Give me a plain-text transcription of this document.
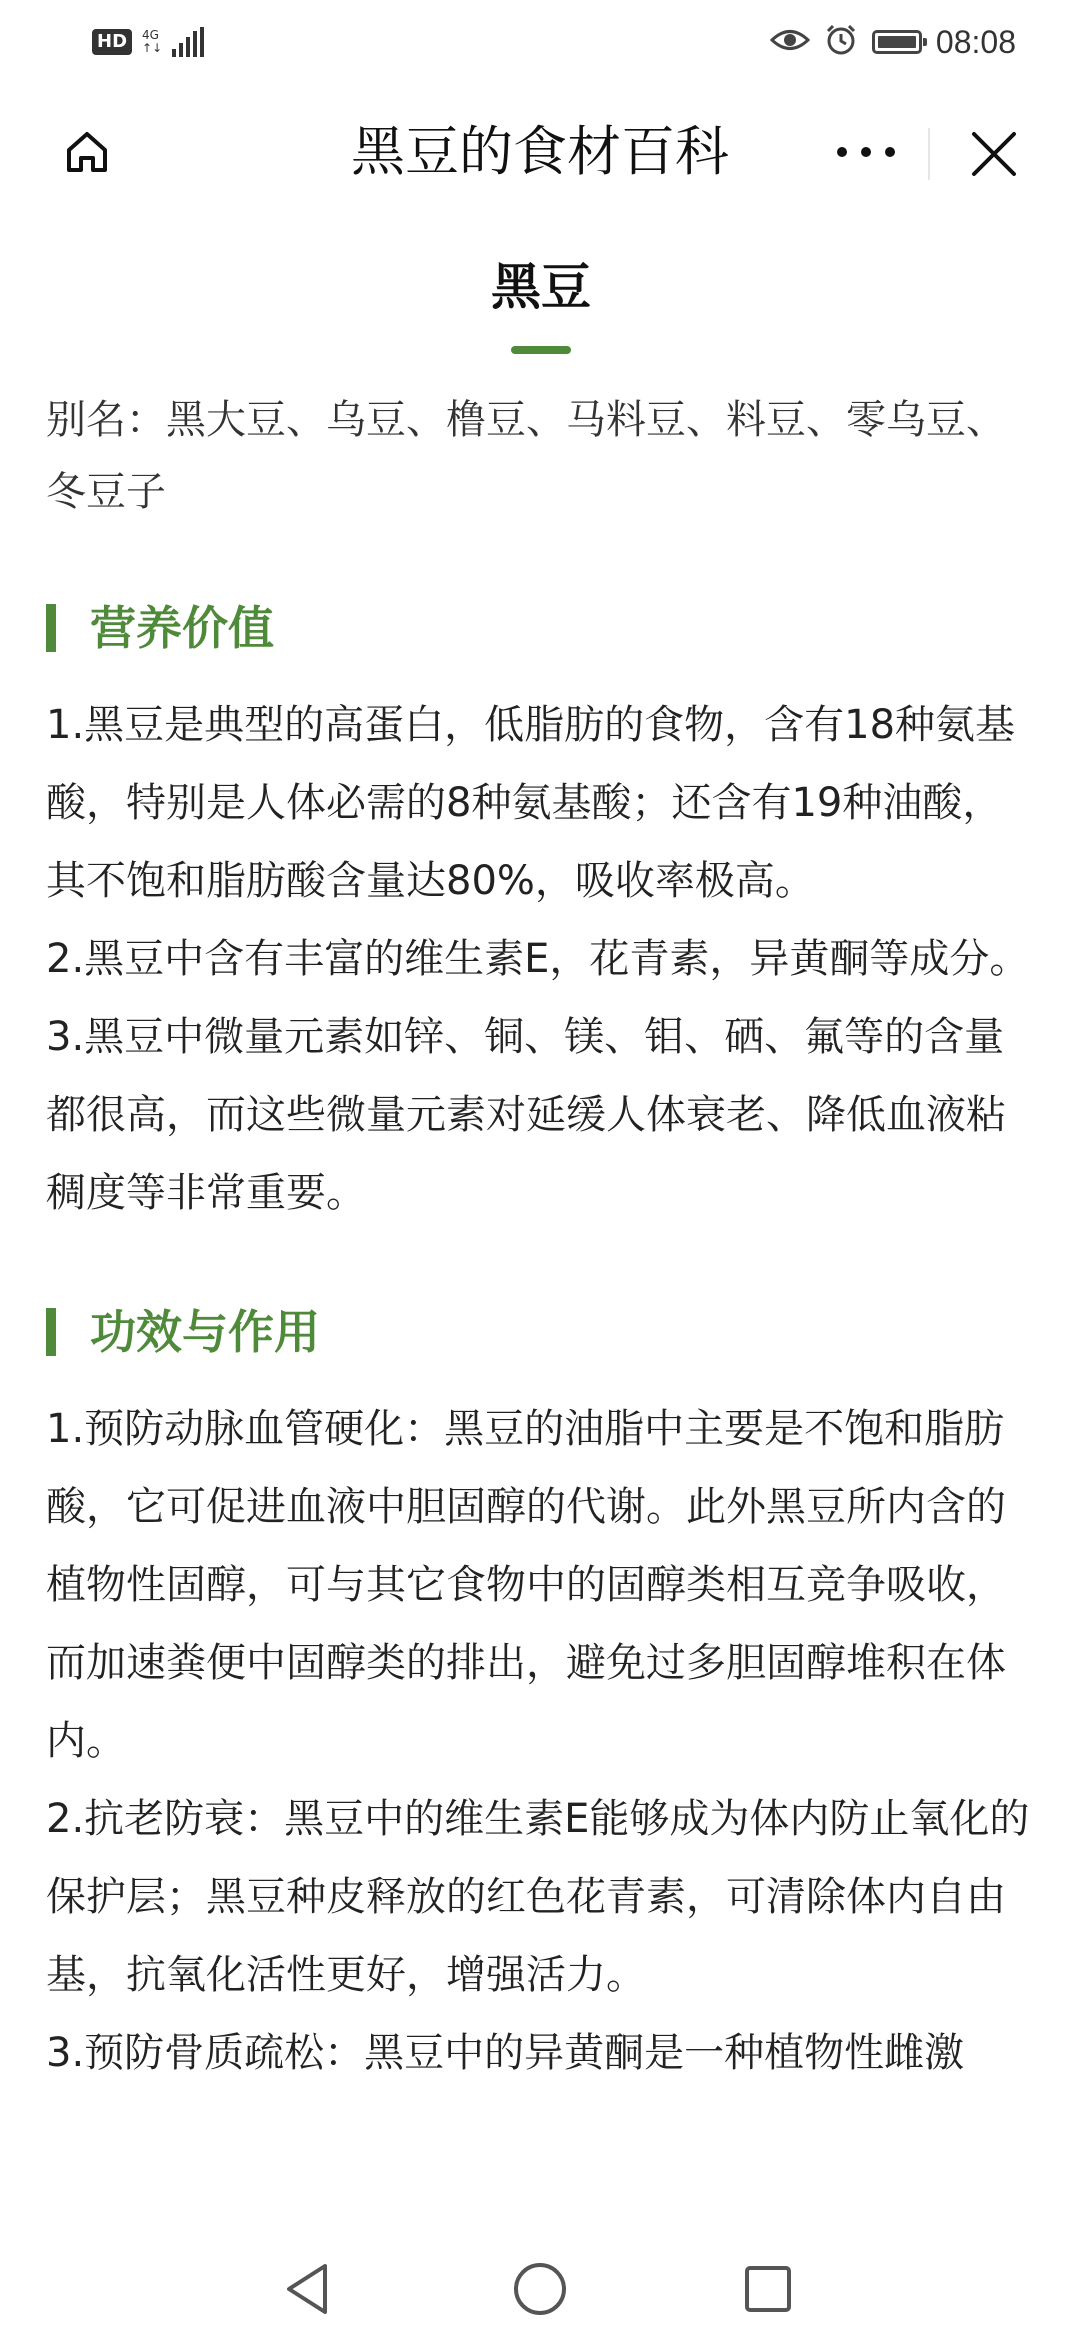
HD	4G
↑↓	08:08
黑豆的食材百科
黑豆

别名：黑大豆、乌豆、橹豆、马料豆、料豆、零乌豆、冬豆子

营养价值

1.黑豆是典型的高蛋白，低脂肪的食物，含有18种氨基酸，特别是人体必需的8种氨基酸；还含有19种油酸，其不饱和脂肪酸含量达80%，吸收率极高。

2.黑豆中含有丰富的维生素E，花青素，异黄酮等成分。

3.黑豆中微量元素如锌、铜、镁、钼、硒、氟等的含量都很高，而这些微量元素对延缓人体衰老、降低血液粘稠度等非常重要。

功效与作用

1.预防动脉血管硬化：黑豆的油脂中主要是不饱和脂肪酸，它可促进血液中胆固醇的代谢。此外黑豆所内含的植物性固醇，可与其它食物中的固醇类相互竞争吸收，而加速粪便中固醇类的排出，避免过多胆固醇堆积在体内。

2.抗老防衰：黑豆中的维生素E能够成为体内防止氧化的保护层；黑豆种皮释放的红色花青素，可清除体内自由基，抗氧化活性更好，增强活力。

3.预防骨质疏松：黑豆中的异黄酮是一种植物性雌激
